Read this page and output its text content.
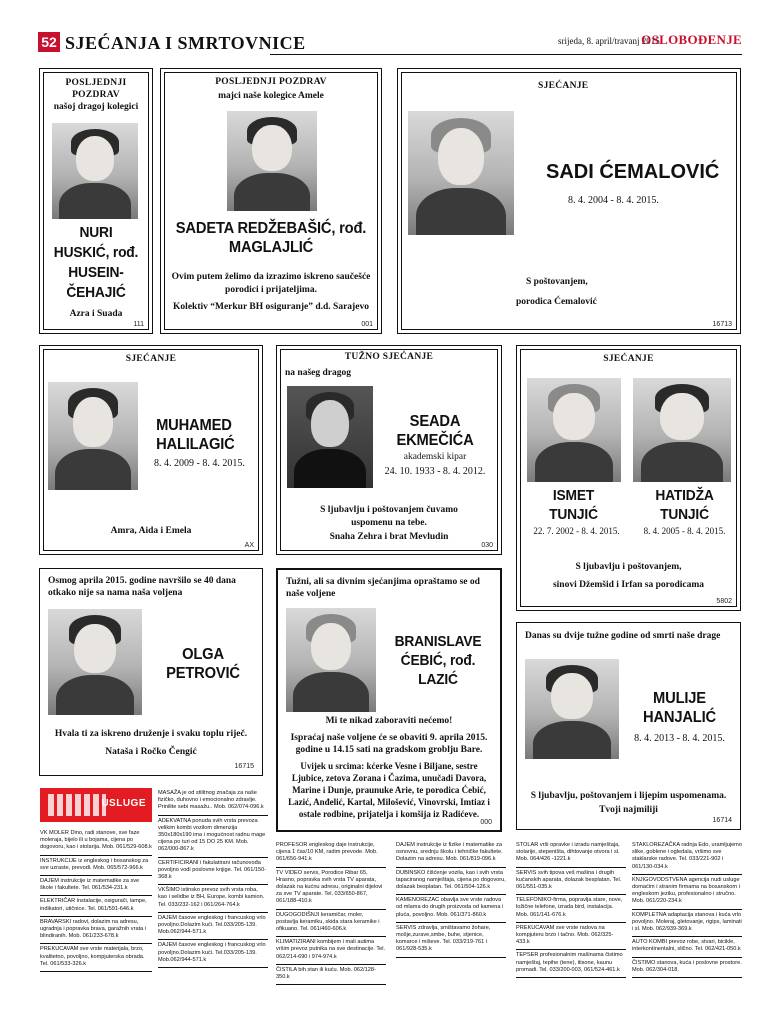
52 SJEĆANJA I SMRTOVNICE	srijeda, 8. april/travanj 2015.
OSLOBOĐENJE
POSLJEDNJI POZDRAV
našoj dragoj kolegici
NURI HUSKIĆ, rođ. HUSEIN-ČEHAJIĆ
Azra i Suada
111
POSLJEDNJI POZDRAV
majci naše kolegice Amele
SADETA REDŽEBAŠIĆ, rođ. MAGLAJLIĆ
Ovim putem želimo da izrazimo iskreno saučešće porodici i prijateljima.
Kolektiv “Merkur BH osiguranje” d.d. Sarajevo
001
SJEĆANJE
SADI ĆEMALOVIĆ
8. 4. 2004 - 8. 4. 2015.
S poštovanjem,
porodica Ćemalović
16713
SJEĆANJE
MUHAMED HALILAGIĆ
8. 4. 2009 - 8. 4. 2015.
Amra, Aida i Emela
AX
TUŽNO SJEĆANJE
na našeg dragog
SEADA EKMEČIĆA
akademski kipar
24. 10. 1933 - 8. 4. 2012.
S ljubavlju i poštovanjem čuvamo uspomenu na tebe.
Snaha Zehra i brat Mevludin
030
SJEĆANJE
ISMET TUNJIĆ
22. 7. 2002 - 8. 4. 2015.
HATIDŽA TUNJIĆ
8. 4. 2005 - 8. 4. 2015.
S ljubavlju i poštovanjem,
sinovi Džemšid i Irfan sa porodicama
5802
Osmog aprila 2015. godine navršilo se 40 dana otkako nije sa nama naša voljena
OLGA PETROVIĆ
Hvala ti za iskreno druženje i svaku toplu riječ.
Nataša i Ročko Čengić
16715
Tužni, ali sa divnim sjećanjima opraštamo se od naše voljene
BRANISLAVE ĆEBIĆ, rođ. LAZIĆ
Mi te nikad zaboraviti nećemo!
Ispraćaj naše voljene će se obaviti 9. aprila 2015. godine u 14.15 sati na gradskom groblju Bare.
Uvijek u srcima: kćerke Vesne i Biljane, sestre Ljubice, zetova Zorana i Čazima, unučadi Davora, Marine i Dunje, praunuke Arie, te porodica Ćebić, Lazić, Anđelić, Kartal, Milošević, Vinovrski, Imtiaz i ostale rodbine, prijatelja i komšija iz Radićeve.
000
Danas su dvije tužne godine od smrti naše drage
MULIJE HANJALIĆ
8. 4. 2013 - 8. 4. 2015.
S ljubavlju, poštovanjem i lijepim uspomenama.
Tvoji najmiliji
16714
USLUGE
VK MOLER Dino, radi stanove, sve faze molerajа, bijelo ili u bojama, cijena po dogovoru, kao i stolarija. Mob. 061/529-608.k
INSTRUKCIJE iz engleskog i bosanskog za sve uzraste, prevodi. Mob. 065/572-966.k
DAJEM instrukcije iz matematike za sve škole i fakultete. Tel. 061/534-231.k
ELEKTRIČAR instalacije, osigurači, lampe, indikatori, utičnice. Tel. 061/591-646.k
BRAVARSKI radovi, dolazim na adresu, ugradnja i popravka brava, garažnih vrata i blindiranih. Mob. 061/233-678.k
PREKUCAVAM sve vrste materijala, brzo, kvalitetno, povoljno, kompjuterska obrada. Tel. 061/533-326.k
MASAŽA je od stilitnog značaja za naše fizičko, duhovno i emocionalno zdravlje. Prinilite sebi masažu.. Mob. 062/074-096.k
ADEKVATNA ponuda svih vrsta prevoza velikim kombi vozilom dimenzija 350x180x190 ima i mogućnost radnu mage cijena po turi od 15 DO 25 KM. Mob. 062/000-867.k
CERTIFICIRANI i fakulatirani računovođa povoljno vodi poslovne knjige. Tel. 061/150-368.k
VKŠIMO istinsko prevoz svih vrsta roba, kao i selidbe iz BH, Europe, kombi kamion. Tel. 033/232-162 i 061/264-764.k
DAJEM časove engleskog i francuskog vrlo povoljno.Dolazim kući. Tel.033/205-139. Mob.062/944-571.k
DAJEM časove engleskog i francuskog vrlo povoljno.Dolazim kući. Tel.033/205-139. Mob.062/944-571.k
PROFESOR engleskog daje instrukcije, cijena 1 čas/10 KM, radim prevode. Mob. 061/656-941.k
TV VIDEO servis, Porodice Ribar 65, Hrasno, popravka svih vrsta TV aparata, dolazak na kućnu adresu, originalni dijelovi za sve TV aparate. Tel. 033/650-867, 061/188-410.k
DUGOGODIŠNJI keramičar, moler, postavlja keramiku, skida stara kerаmike i ofikuano. Tel. 061/460-606.k
KLIMATIZIRANI kombijem i mali autima vršim prevoz putnika na sve destinacije. Tel. 062/214-690 i 974-974.k
ČISTILA bih stan ili kuću. Mob. 062/128-350.k
DAJEM instrukcije iz fizike i matematike za osnovnu, srednju školu i tehničke fakultete. Dolazim na adresu. Mob. 061/819-096.k
DUBINSKO čišćenje vozila, kao i svih vrsta tapaciranog namještaja, cijena po dogovoru, dolazak besplatan. Tel. 061/504-126.k
KAMENOREZAC obavlja sve vrste radova od mlama do drugih proizvoda od kamena i pluća, povoljno. Mob. 061/371-860.k
SERVIS zdravlja, smištavamo žohare, mošje,zurave,smbe, buhe, stjenice, komarce i miševe. Tel. 033/219-761 i 061/928-535.k
STOLAR vrši opravke i izradu namještaja, stolarije, stepeništa, dihtovanje otvora i sl. Mob. 064/426 -1221.k
SERVIS svih tipova veš mašina i drugih kućanskih aparata, dolazak besplatan. Tel. 061/551-035.k
TELEFONIKO-firma, popravlja stare, nove, ložične telefone, izrada bird, instalacija. Mob. 061/141-676.k
PREKUCAVAM sve vrste radova na kompjuteru brzo i tačno. Mob. 062/325-433.k
TEPSER profesionalnim mašinama čistimo namještaj, tepihe (tene), itisone, kaunu promadi. Tel. 033/200-003, 061/524-461.k
STAKLOREZAČKA radnja Edo, uramljujemo slike, goblene i ogledala, vršimo sve staklarske radove. Tel. 033/221-902 i 061/130-034.k
KNJIGOVODSTVENA agencija nudi usluge domaćim i stranim firmama na bosanskom i engleskom jeziku, profesionalno i stručno. Mob. 061/220-234.k
KOMPLETNA adaptacija stanova i kuća vrlo povoljno. Moleraj, gletovanje, rigips, laminati i sl. Mob. 062/939-369.k
AUTO KOMBI prevoz robe, stvari, bicikle, interkontinentalni, slično. Tel. 062/421-050.k
ČISTIMO stanova, kuća i poslovne prostore. Mob. 062/304-018.
